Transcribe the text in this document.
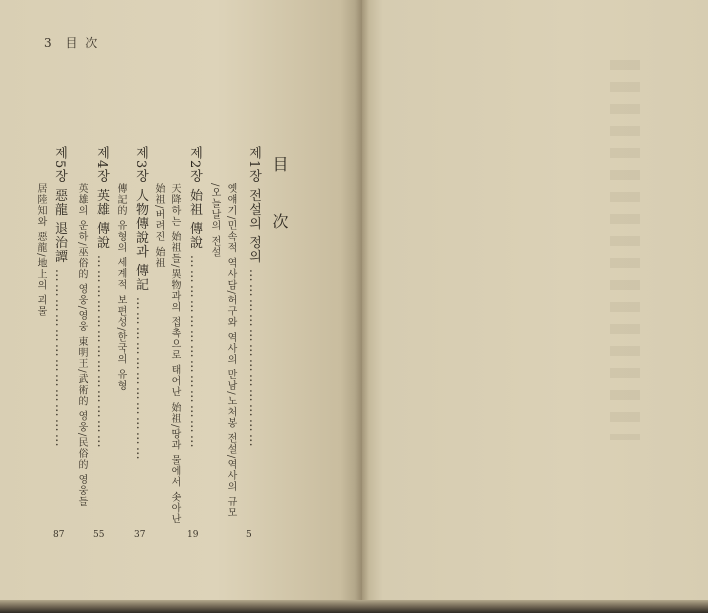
3 目 次
目 次
제1장 전설의 정의 ………………………………
옛얘기/민속적 역사담/허구와 역사의 만남/노처봉 전설/역사의 규모
/오늘날의 전설
5
제2장 始祖 傳說 …………………………………
天降하는 始祖들/異物과의 접촉으로 태어난 始祖/땅과 물에서 솟아난
始祖/버려진 始祖
19
제3장 人物傳說과 傳記 ……………………………
傳記的 유형의 세계적 보편성/한국의 유형
37
제4장 英雄 傳說 …………………………………
英雄의 운하/巫俗的 영웅/영웅 東明王/武術的 영웅/民俗的 영웅들
55
제5장 惡龍 退治譚 ………………………………
居陸知와 惡龍/地上의 괴물
87
